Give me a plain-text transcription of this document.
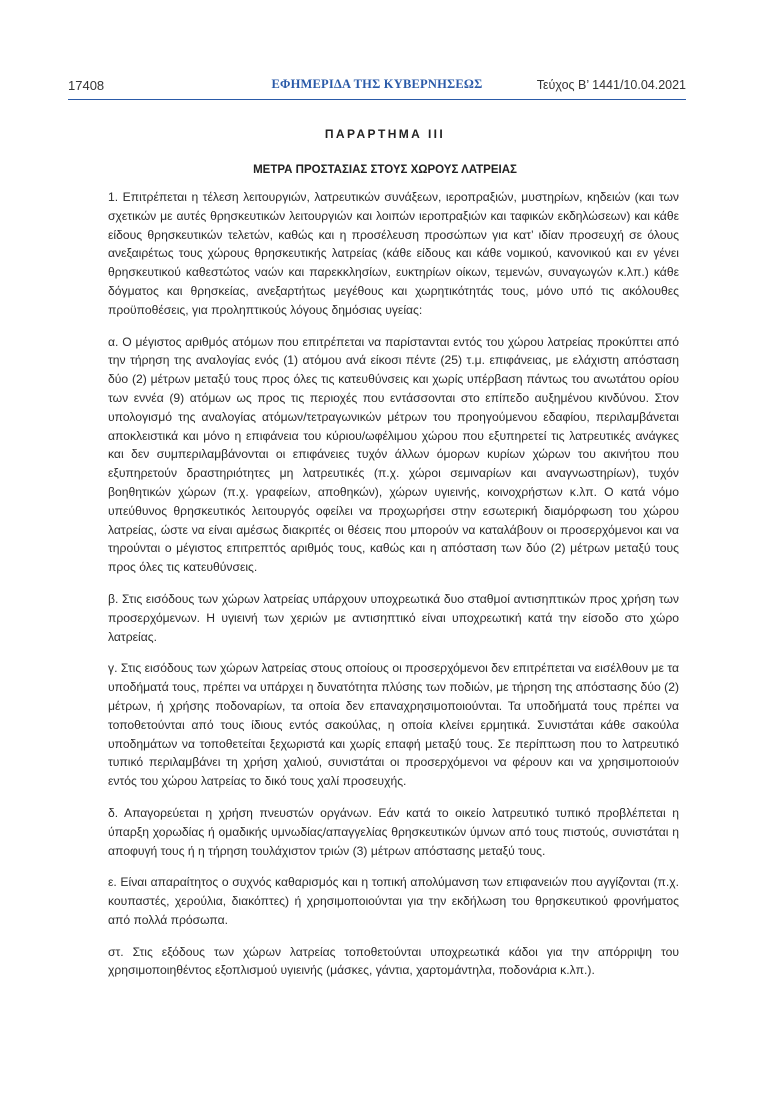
17408	ΕΦΗΜΕΡΙΔΑ ΤΗΣ ΚΥΒΕΡΝΗΣΕΩΣ	Τεύχος Β’ 1441/10.04.2021
ΠΑΡΑΡΤΗΜΑ ΙΙΙ
ΜΕΤΡΑ ΠΡΟΣΤΑΣΙΑΣ ΣΤΟΥΣ ΧΩΡΟΥΣ ΛΑΤΡΕΙΑΣ

1. Επιτρέπεται η τέλεση λειτουργιών, λατρευτικών συνάξεων, ιεροπραξιών, μυστηρίων, κηδειών (και των σχετικών με αυτές θρησκευτικών λειτουργιών και λοιπών ιεροπραξιών και ταφικών εκδηλώσεων) και κάθε είδους θρησκευτικών τελετών, καθώς και η προσέλευση προσώπων για κατ’ ιδίαν προσευχή σε όλους ανεξαιρέτως τους χώρους θρησκευτικής λατρείας (κάθε είδους και κάθε νομικού, κανονικού και εν γένει θρησκευτικού καθεστώτος ναών και παρεκκλησίων, ευκτηρίων οίκων, τεμενών, συναγωγών κ.λπ.) κάθε δόγματος και θρησκείας, ανεξαρτήτως μεγέθους και χωρητικότητάς τους, μόνο υπό τις ακόλουθες προϋποθέσεις, για προληπτικούς λόγους δημόσιας υγείας:

α. Ο μέγιστος αριθμός ατόμων που επιτρέπεται να παρίστανται εντός του χώρου λατρείας προκύπτει από την τήρηση της αναλογίας ενός (1) ατόμου ανά είκοσι πέντε (25) τ.μ. επιφάνειας, με ελάχιστη απόσταση δύο (2) μέτρων μεταξύ τους προς όλες τις κατευθύνσεις και χωρίς υπέρβαση πάντως του ανωτάτου ορίου των εννέα (9) ατόμων ως προς τις περιοχές που εντάσσονται στο επίπεδο αυξημένου κινδύνου. Στον υπολογισμό της αναλογίας ατόμων/τετραγωνικών μέτρων του προηγούμενου εδαφίου, περιλαμβάνεται αποκλειστικά και μόνο η επιφάνεια του κύριου/ωφέλιμου χώρου που εξυπηρετεί τις λατρευτικές ανάγκες και δεν συμπεριλαμβάνονται οι επιφάνειες τυχόν άλλων όμορων κυρίων χώρων του ακινήτου που εξυπηρετούν δραστηριότητες μη λατρευτικές (π.χ. χώροι σεμιναρίων και αναγνωστηρίων), τυχόν βοηθητικών χώρων (π.χ. γραφείων, αποθηκών), χώρων υγιεινής, κοινοχρήστων κ.λπ. Ο κατά νόμο υπεύθυνος θρησκευτικός λειτουργός οφείλει να προχωρήσει στην εσωτερική διαμόρφωση του χώρου λατρείας, ώστε να είναι αμέσως διακριτές οι θέσεις που μπορούν να καταλάβουν οι προσερχόμενοι και να τηρούνται ο μέγιστος επιτρεπτός αριθμός τους, καθώς και η απόσταση των δύο (2) μέτρων μεταξύ τους προς όλες τις κατευθύνσεις.

β. Στις εισόδους των χώρων λατρείας υπάρχουν υποχρεωτικά δυο σταθμοί αντισηπτικών προς χρήση των προσερχόμενων. Η υγιεινή των χεριών με αντισηπτικό είναι υποχρεωτική κατά την είσοδο στο χώρο λατρείας.

γ. Στις εισόδους των χώρων λατρείας στους οποίους οι προσερχόμενοι δεν επιτρέπεται να εισέλθουν με τα υποδήματά τους, πρέπει να υπάρχει η δυνατότητα πλύσης των ποδιών, με τήρηση της απόστασης δύο (2) μέτρων, ή χρήσης ποδοναρίων, τα οποία δεν επαναχρησιμοποιούνται. Τα υποδήματά τους πρέπει να τοποθετούνται από τους ίδιους εντός σακούλας, η οποία κλείνει ερμητικά. Συνιστάται κάθε σακούλα υποδημάτων να τοποθετείται ξεχωριστά και χωρίς επαφή μεταξύ τους. Σε περίπτωση που το λατρευτικό τυπικό περιλαμβάνει τη χρήση χαλιού, συνιστάται οι προσερχόμενοι να φέρουν και να χρησιμοποιούν εντός του χώρου λατρείας το δικό τους χαλί προσευχής.

δ. Απαγορεύεται η χρήση πνευστών οργάνων. Εάν κατά το οικείο λατρευτικό τυπικό προβλέπεται η ύπαρξη χορωδίας ή ομαδικής υμνωδίας/απαγγελίας θρησκευτικών ύμνων από τους πιστούς, συνιστάται η αποφυγή τους ή η τήρηση τουλάχιστον τριών (3) μέτρων απόστασης μεταξύ τους.

ε. Είναι απαραίτητος ο συχνός καθαρισμός και η τοπική απολύμανση των επιφανειών που αγγίζονται (π.χ. κουπαστές, χερούλια, διακόπτες) ή χρησιμοποιούνται για την εκδήλωση του θρησκευτικού φρονήματος από πολλά πρόσωπα.

στ. Στις εξόδους των χώρων λατρείας τοποθετούνται υποχρεωτικά κάδοι για την απόρριψη του χρησιμοποιηθέντος εξοπλισμού υγιεινής (μάσκες, γάντια, χαρτομάντηλα, ποδονάρια κ.λπ.).
